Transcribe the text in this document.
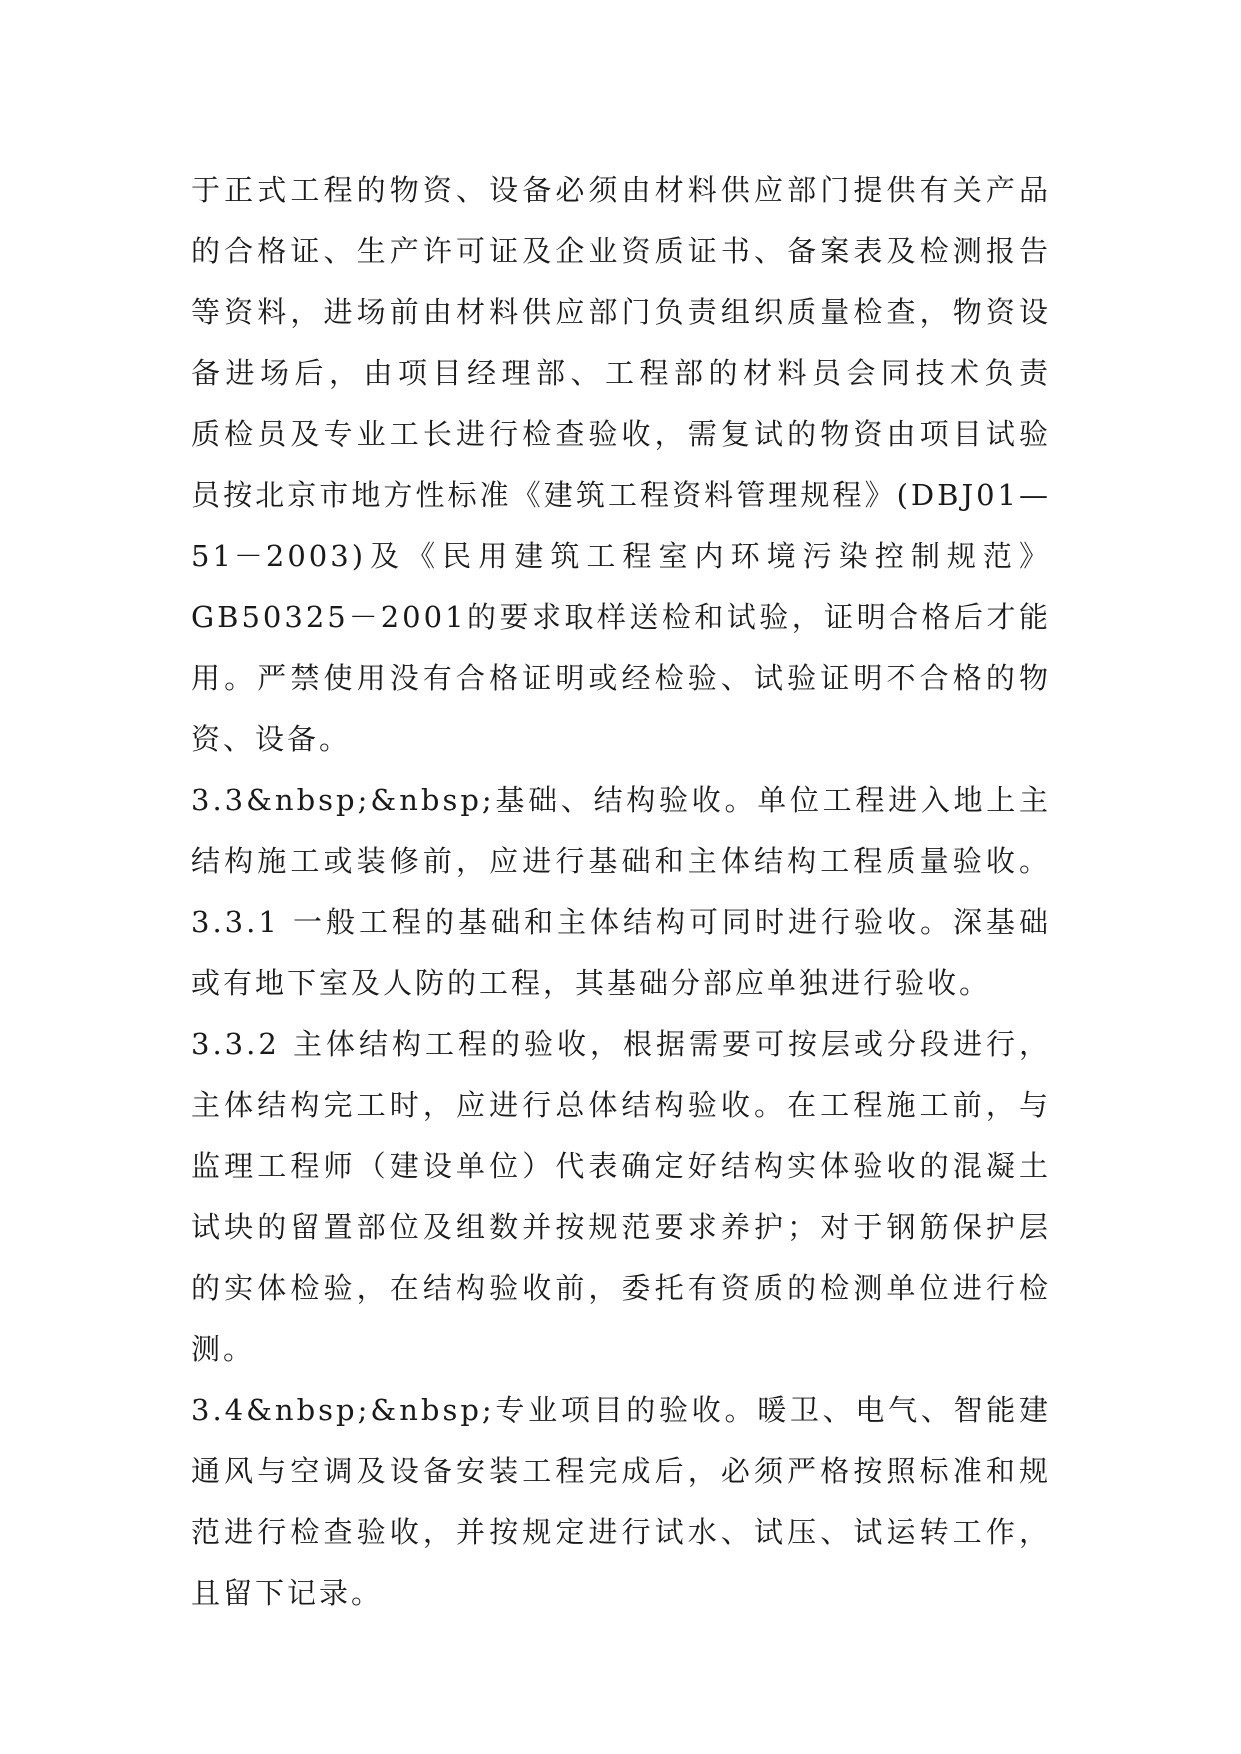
于正式工程的物资、设备必须由材料供应部门提供有关产品
的合格证、生产许可证及企业资质证书、备案表及检测报告
等资料，进场前由材料供应部门负责组织质量检查，物资设
备进场后，由项目经理部、工程部的材料员会同技术负责
质检员及专业工长进行检查验收，需复试的物资由项目试验
员按北京市地方性标准《建筑工程资料管理规程》(DBJ01—
51－2003)及《民用建筑工程室内环境污染控制规范》
GB50325－2001的要求取样送检和试验，证明合格后才能
用。严禁使用没有合格证明或经检验、试验证明不合格的物
资、设备。
3.3&nbsp;&nbsp;基础、结构验收。单位工程进入地上主
结构施工或装修前，应进行基础和主体结构工程质量验收。
3.3.1 一般工程的基础和主体结构可同时进行验收。深基础
或有地下室及人防的工程，其基础分部应单独进行验收。
3.3.2 主体结构工程的验收，根据需要可按层或分段进行，
主体结构完工时，应进行总体结构验收。在工程施工前，与
监理工程师（建设单位）代表确定好结构实体验收的混凝土
试块的留置部位及组数并按规范要求养护；对于钢筋保护层
的实体检验，在结构验收前，委托有资质的检测单位进行检
测。
3.4&nbsp;&nbsp;专业项目的验收。暖卫、电气、智能建
通风与空调及设备安装工程完成后，必须严格按照标准和规
范进行检查验收，并按规定进行试水、试压、试运转工作，
且留下记录。
